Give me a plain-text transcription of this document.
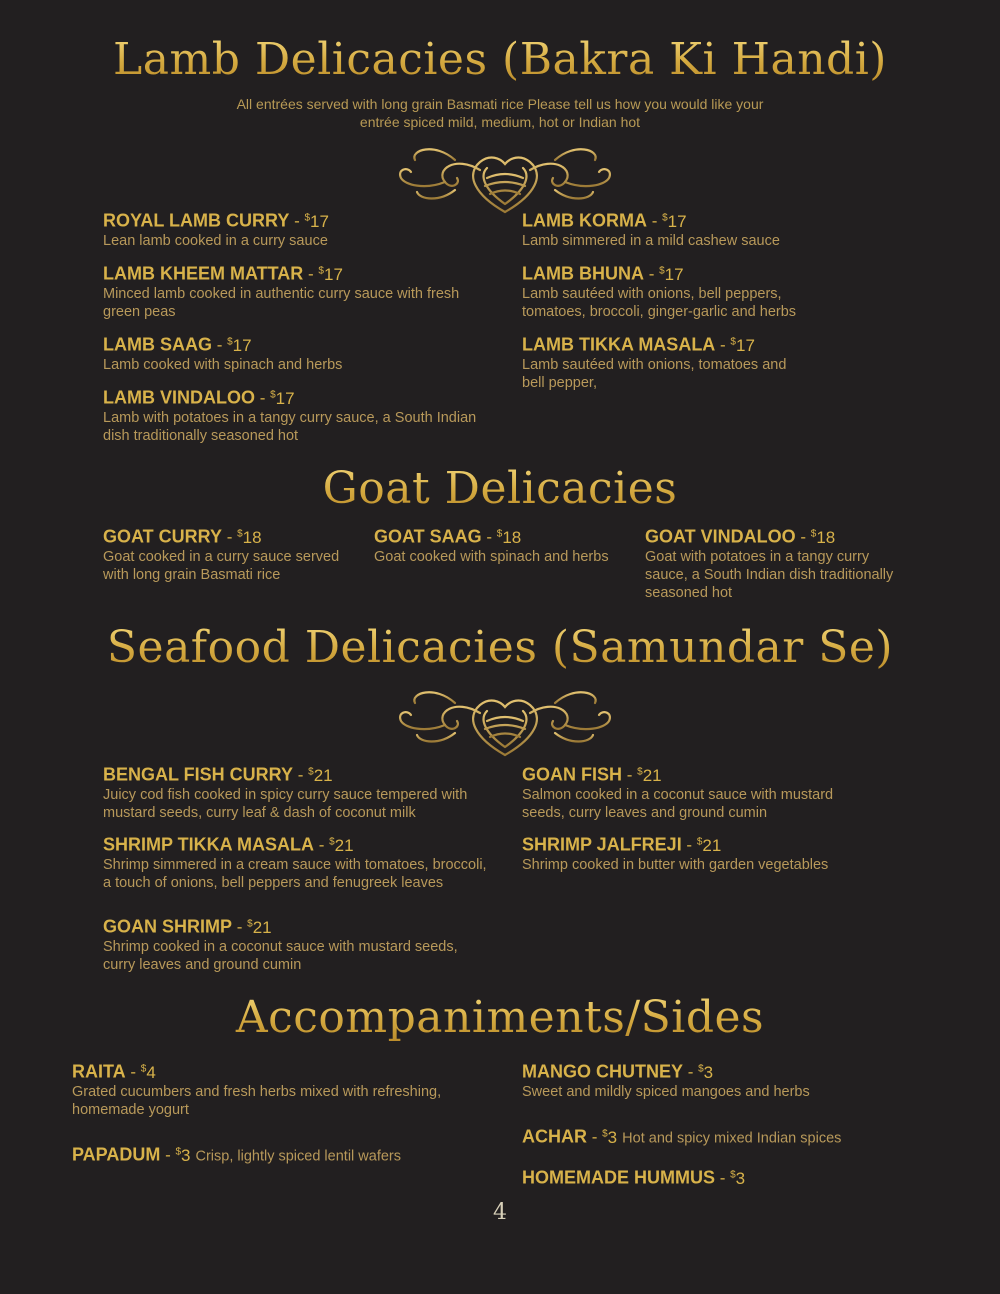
Lamb Delicacies (Bakra Ki Handi)
All entrées served with long grain Basmati rice Please tell us how you would like your
entrée spiced mild, medium, hot or Indian hot
ROYAL LAMB CURRY - $17
Lean lamb cooked in a curry sauce
LAMB KORMA - $17
Lamb simmered in a mild cashew sauce
LAMB KHEEM MATTAR - $17
Minced lamb cooked in authentic curry sauce with fresh green peas
LAMB BHUNA - $17
Lamb sautéed with onions, bell peppers, tomatoes, broccoli, ginger-garlic and herbs
LAMB SAAG - $17
Lamb cooked with spinach and herbs
LAMB TIKKA MASALA - $17
Lamb sautéed with onions, tomatoes and bell pepper,
LAMB VINDALOO - $17
Lamb with potatoes in a tangy curry sauce, a South Indian dish traditionally seasoned hot
Goat Delicacies
GOAT CURRY - $18
Goat cooked in a curry sauce served with long grain Basmati rice
GOAT SAAG - $18
Goat cooked with spinach and herbs
GOAT VINDALOO - $18
Goat with potatoes in a tangy curry sauce, a South Indian dish traditionally seasoned hot
Seafood Delicacies (Samundar Se)
BENGAL FISH CURRY - $21
Juicy cod fish cooked in spicy curry sauce tempered with mustard seeds, curry leaf & dash of coconut milk
GOAN FISH - $21
Salmon cooked in a coconut sauce with mustard seeds, curry leaves and ground cumin
SHRIMP TIKKA MASALA - $21
Shrimp simmered in a cream sauce with tomatoes, broccoli, a touch of onions, bell peppers and fenugreek leaves
SHRIMP JALFREJI - $21
Shrimp cooked in butter with garden vegetables
GOAN SHRIMP - $21
Shrimp cooked in a coconut sauce with mustard seeds, curry leaves and ground cumin
Accompaniments/Sides
RAITA - $4
Grated cucumbers and fresh herbs mixed with refreshing, homemade yogurt
MANGO CHUTNEY - $3
Sweet and mildly spiced mangoes and herbs
PAPADUM - $3 Crisp, lightly spiced lentil wafers
ACHAR - $3 Hot and spicy mixed Indian spices
HOMEMADE HUMMUS - $3
4
